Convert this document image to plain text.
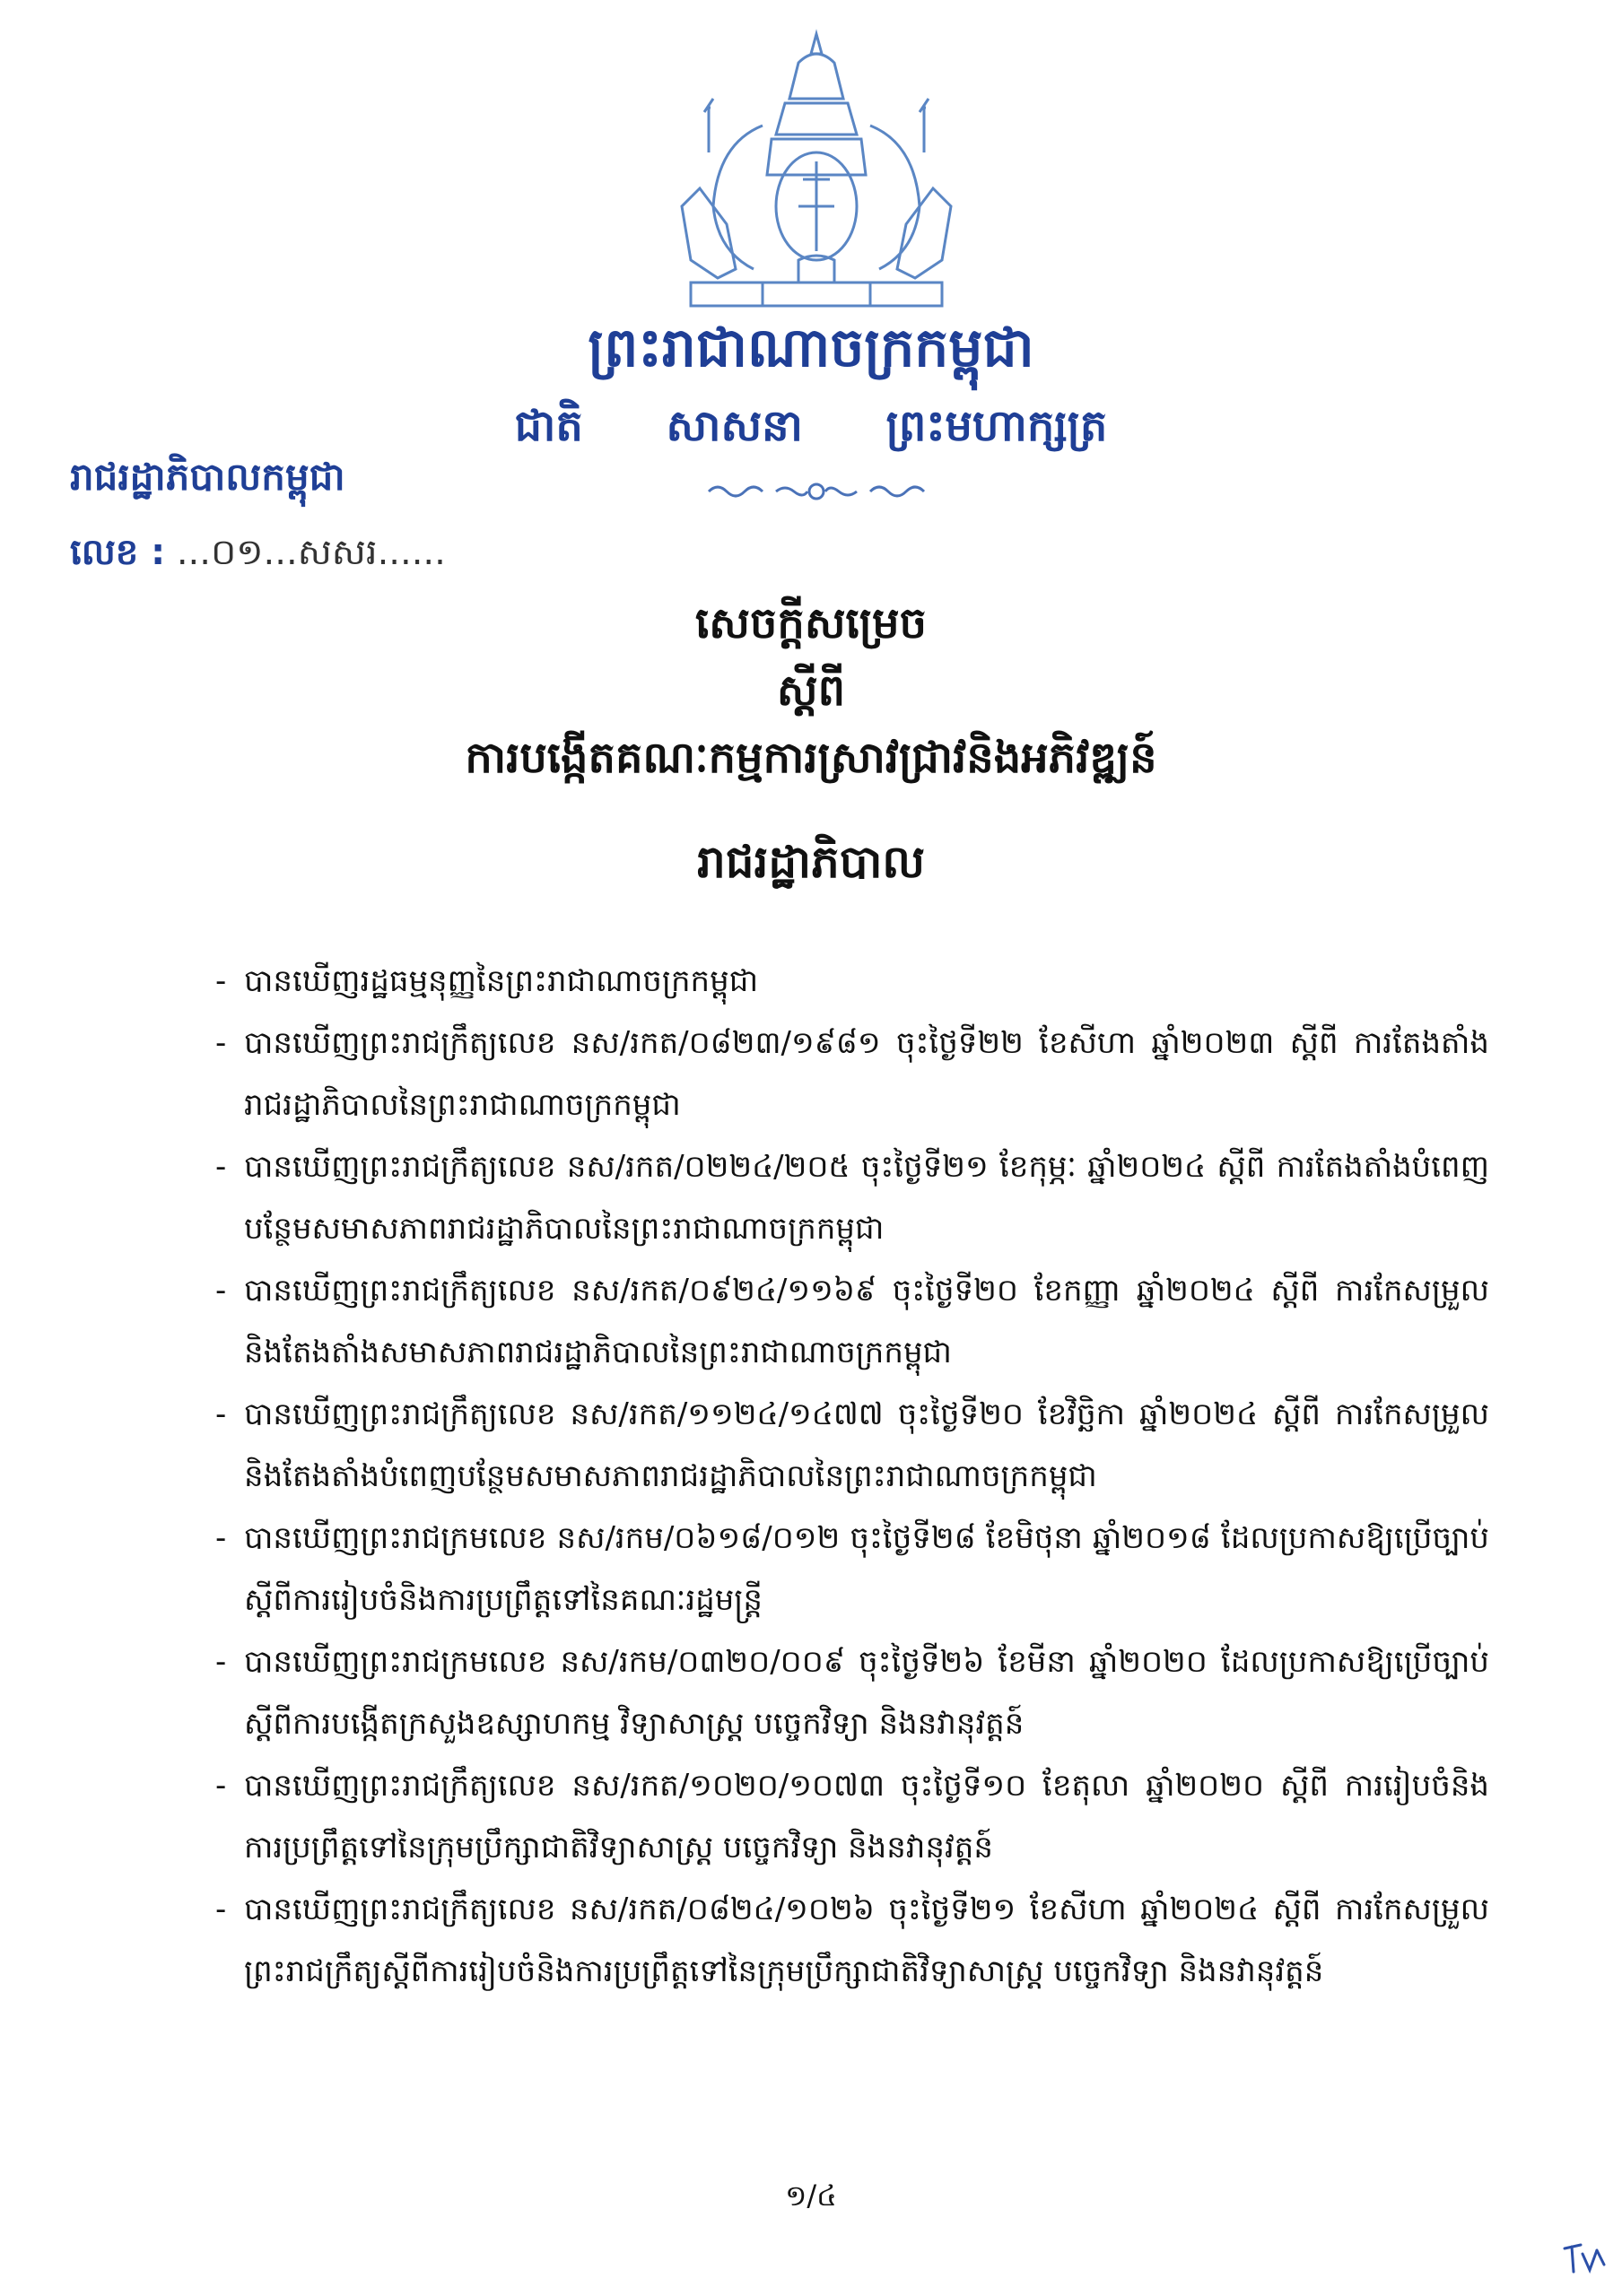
ព្រះរាជាណាចក្រកម្ពុជា
ជាតិ សាសនា ព្រះមហាក្សត្រ
រាជរដ្ឋាភិបាលកម្ពុជា
លេខ : ...០១...សសរ......
សេចក្តីសម្រេច
ស្តីពី
ការបង្កើតគណៈកម្មការស្រាវជ្រាវនិងអភិវឌ្ឍន៍
រាជរដ្ឋាភិបាល
- បានឃើញរដ្ឋធម្មនុញ្ញនៃព្រះរាជាណាចក្រកម្ពុជា
- បានឃើញព្រះរាជក្រឹត្យលេខ នស/រកត/០៨២៣/១៩៨១ ចុះថ្ងៃទី២២ ខែសីហា ឆ្នាំ២០២៣ ស្តីពី ការតែងតាំងរាជរដ្ឋាភិបាលនៃព្រះរាជាណាចក្រកម្ពុជា
- បានឃើញព្រះរាជក្រឹត្យលេខ នស/រកត/០២២៤/២០៥ ចុះថ្ងៃទី២១ ខែកុម្ភៈ ឆ្នាំ២០២៤ ស្តីពី ការតែងតាំងបំពេញបន្ថែមសមាសភាពរាជរដ្ឋាភិបាលនៃព្រះរាជាណាចក្រកម្ពុជា
- បានឃើញព្រះរាជក្រឹត្យលេខ នស/រកត/០៩២៤/១១៦៩ ចុះថ្ងៃទី២០ ខែកញ្ញា ឆ្នាំ២០២៤ ស្តីពី ការកែសម្រួលនិងតែងតាំងសមាសភាពរាជរដ្ឋាភិបាលនៃព្រះរាជាណាចក្រកម្ពុជា
- បានឃើញព្រះរាជក្រឹត្យលេខ នស/រកត/១១២៤/១៤៧៧ ចុះថ្ងៃទី២០ ខែវិច្ឆិកា ឆ្នាំ២០២៤ ស្តីពី ការកែសម្រួលនិងតែងតាំងបំពេញបន្ថែមសមាសភាពរាជរដ្ឋាភិបាលនៃព្រះរាជាណាចក្រកម្ពុជា
- បានឃើញព្រះរាជក្រមលេខ នស/រកម/០៦១៨/០១២ ចុះថ្ងៃទី២៨ ខែមិថុនា ឆ្នាំ២០១៨ ដែលប្រកាសឱ្យប្រើច្បាប់ស្តីពីការរៀបចំនិងការប្រព្រឹត្តទៅនៃគណៈរដ្ឋមន្ត្រី
- បានឃើញព្រះរាជក្រមលេខ នស/រកម/០៣២០/០០៩ ចុះថ្ងៃទី២៦ ខែមីនា ឆ្នាំ២០២០ ដែលប្រកាសឱ្យប្រើច្បាប់ស្តីពីការបង្កើតក្រសួងឧស្សាហកម្ម វិទ្យាសាស្ត្រ បច្ចេកវិទ្យា និងនវានុវត្តន៍
- បានឃើញព្រះរាជក្រឹត្យលេខ នស/រកត/១០២០/១០៧៣ ចុះថ្ងៃទី១០ ខែតុលា ឆ្នាំ២០២០ ស្តីពី ការរៀបចំនិងការប្រព្រឹត្តទៅនៃក្រុមប្រឹក្សាជាតិវិទ្យាសាស្ត្រ បច្ចេកវិទ្យា និងនវានុវត្តន៍
- បានឃើញព្រះរាជក្រឹត្យលេខ នស/រកត/០៨២៤/១០២៦ ចុះថ្ងៃទី២១ ខែសីហា ឆ្នាំ២០២៤ ស្តីពី ការកែសម្រួលព្រះរាជក្រឹត្យស្តីពីការរៀបចំនិងការប្រព្រឹត្តទៅនៃក្រុមប្រឹក្សាជាតិវិទ្យាសាស្ត្រ បច្ចេកវិទ្យា និងនវានុវត្តន៍
១/៤
